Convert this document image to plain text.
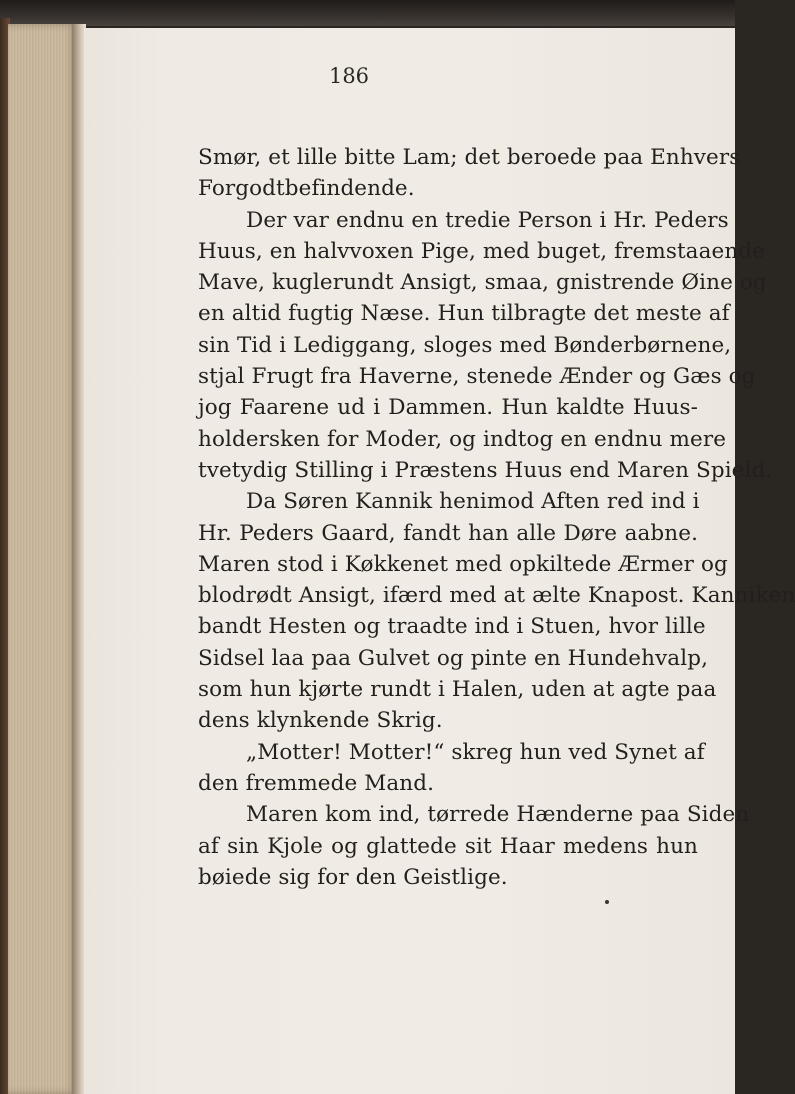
186
Smør, et lille bitte Lam; det beroede paa Enhvers
Forgodtbefindende.
Der var endnu en tredie Person i Hr. Peders
Huus, en halvvoxen Pige, med buget, fremstaaende
Mave, kuglerundt Ansigt, smaa, gnistrende Øine og
en altid fugtig Næse. Hun tilbragte det meste af
sin Tid i Lediggang, sloges med Bønderbørnene,
stjal Frugt fra Haverne, stenede Ænder og Gæs og
jog Faarene ud i Dammen. Hun kaldte Huus-
holdersken for Moder, og indtog en endnu mere
tvetydig Stilling i Præstens Huus end Maren Spield.
Da Søren Kannik henimod Aften red ind i
Hr. Peders Gaard, fandt han alle Døre aabne.
Maren stod i Køkkenet med opkiltede Ærmer og
blodrødt Ansigt, ifærd med at ælte Knapost. Kanniken
bandt Hesten og traadte ind i Stuen, hvor lille
Sidsel laa paa Gulvet og pinte en Hundehvalp,
som hun kjørte rundt i Halen, uden at agte paa
dens klynkende Skrig.
„Motter! Motter!“ skreg hun ved Synet af
den fremmede Mand.
Maren kom ind, tørrede Hænderne paa Siden
af sin Kjole og glattede sit Haar medens hun
bøiede sig for den Geistlige.
